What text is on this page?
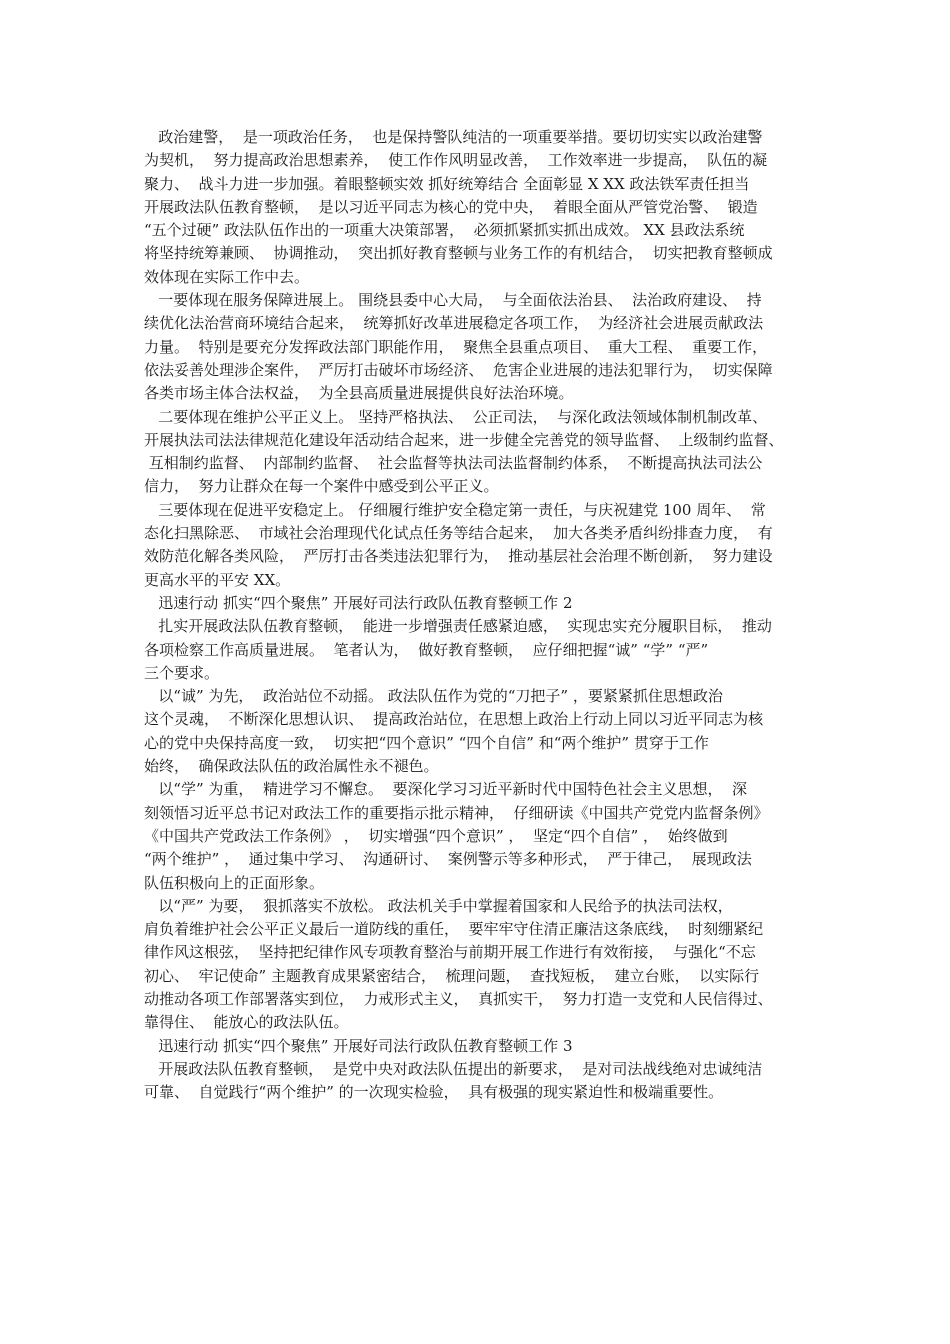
政治建警，  是一项政治任务，  也是保持警队纯洁的一项重要举措。要切切实实以政治建警
为契机，  努力提高政治思想素养，  使工作作风明显改善，  工作效率进一步提高，  队伍的凝
聚力、  战斗力进一步加强。着眼整顿实效 抓好统筹结合 全面彰显 X XX 政法铁军责任担当
开展政法队伍教育整顿，  是以习近平同志为核心的党中央，  着眼全面从严管党治警、  锻造
“五个过硬” 政法队伍作出的一项重大决策部署，  必须抓紧抓实抓出成效。 XX 县政法系统
将坚持统筹兼顾、  协调推动，  突出抓好教育整顿与业务工作的有机结合，  切实把教育整顿成
效体现在实际工作中去。
一要体现在服务保障进展上。 围绕县委中心大局，  与全面依法治县、  法治政府建设、  持
续优化法治营商环境结合起来，  统筹抓好改革进展稳定各项工作，  为经济社会进展贡献政法
力量。  特别是要充分发挥政法部门职能作用，  聚焦全县重点项目、  重大工程、  重要工作，
依法妥善处理涉企案件，  严厉打击破坏市场经济、  危害企业进展的违法犯罪行为，  切实保障
各类市场主体合法权益，  为全县高质量进展提供良好法治环境。
二要体现在维护公平正义上。 坚持严格执法、  公正司法，  与深化政法领域体制机制改革、
开展执法司法法律规范化建设年活动结合起来，进一步健全完善党的领导监督、  上级制约监督、
互相制约监督、  内部制约监督、  社会监督等执法司法监督制约体系，  不断提高执法司法公
信力，  努力让群众在每一个案件中感受到公平正义。
三要体现在促进平安稳定上。 仔细履行维护安全稳定第一责任，与庆祝建党 100 周年、  常
态化扫黑除恶、  市域社会治理现代化试点任务等结合起来，  加大各类矛盾纠纷排查力度，  有
效防范化解各类风险，  严厉打击各类违法犯罪行为，  推动基层社会治理不断创新，  努力建设
更高水平的平安 XX。
迅速行动 抓实“四个聚焦” 开展好司法行政队伍教育整顿工作 2
扎实开展政法队伍教育整顿，  能进一步增强责任感紧迫感，  实现忠实充分履职目标，  推动
各项检察工作高质量进展。  笔者认为，  做好教育整顿，  应仔细把握“诚” “学” “严”
三个要求。
以“诚” 为先，  政治站位不动摇。 政法队伍作为党的“刀把子” ，要紧紧抓住思想政治
这个灵魂，  不断深化思想认识、  提高政治站位，在思想上政治上行动上同以习近平同志为核
心的党中央保持高度一致，  切实把“四个意识” “四个自信” 和“两个维护” 贯穿于工作
始终，  确保政法队伍的政治属性永不褪色。
以“学” 为重，  精进学习不懈怠。  要深化学习习近平新时代中国特色社会主义思想，  深
刻领悟习近平总书记对政法工作的重要指示批示精神，  仔细研读《中国共产党党内监督条例》
《中国共产党政法工作条例》 ，  切实增强“四个意识” ，  坚定“四个自信” ，  始终做到
“两个维护” ，  通过集中学习、  沟通研讨、  案例警示等多种形式，  严于律己，  展现政法
队伍积极向上的正面形象。
以“严” 为要，  狠抓落实不放松。 政法机关手中掌握着国家和人民给予的执法司法权，
肩负着维护社会公平正义最后一道防线的重任，  要牢牢守住清正廉洁这条底线，  时刻绷紧纪
律作风这根弦，  坚持把纪律作风专项教育整治与前期开展工作进行有效衔接，  与强化“不忘
初心、  牢记使命” 主题教育成果紧密结合，  梳理问题，  查找短板，  建立台账，  以实际行
动推动各项工作部署落实到位，  力戒形式主义，  真抓实干，  努力打造一支党和人民信得过、
靠得住、  能放心的政法队伍。
迅速行动 抓实“四个聚焦” 开展好司法行政队伍教育整顿工作 3
开展政法队伍教育整顿，  是党中央对政法队伍提出的新要求，  是对司法战线绝对忠诚纯洁
可靠、  自觉践行“两个维护” 的一次现实检验，  具有极强的现实紧迫性和极端重要性。
